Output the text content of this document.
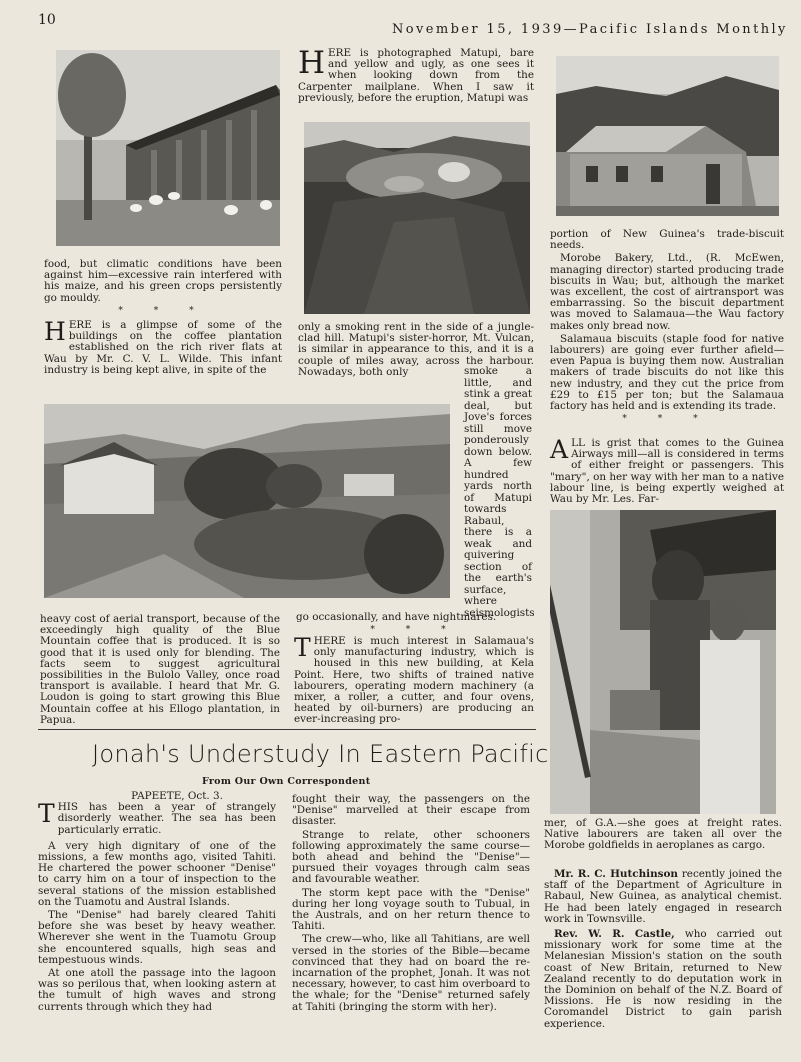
10
November 15, 1939—Pacific Islands Monthly

food, but climatic conditions have been against him—excessive rain interfered with his maize, and his green crops persistently go mouldy.

* * *
HERE is a glimpse of some of the buildings on the coffee plantation established on the rich river flats at Wau by Mr. C. V. L. Wilde. This infant industry is being kept alive, in spite of the

heavy cost of aerial transport, because of the exceedingly high quality of the Blue Mountain coffee that is produced. It is so good that it is used only for blending. The facts seem to suggest agricultural possibilities in the Bulolo Valley, once road transport is available. I heard that Mr. G. Loudon is going to start growing this Blue Mountain coffee at his Ellogo plantation, in Papua.

HERE is photographed Matupi, bare and yellow and ugly, as one sees it when looking down from the Carpenter mailplane. When I saw it previously, before the eruption, Matupi was

only a smoking rent in the side of a jungle-clad hill. Matupi's sister-horror, Mt. Vulcan, is similar in appearance to this, and it is a couple of miles away, across the harbour. Nowadays, both only	smoke a little, and stink a great deal, but Jove's forces still move ponderously down below. A few hundred yards north of Matupi towards Rabaul, there is a weak and quivering section of the earth's surface, where seismologists

go occasionally, and have nightmares.

* * *
THERE is much interest in Salamaua's only manufacturing industry, which is housed in this new building, at Kela Point. Here, two shifts of trained native labourers, operating modern machinery (a mixer, a roller, a cutter, and four ovens, heated by oil-burners) are producing an ever-increasing pro-

portion of New Guinea's trade-biscuit needs.

Morobe Bakery, Ltd., (R. McEwen, managing director) started producing trade biscuits in Wau; but, although the market was excellent, the cost of airtransport was embarrassing. So the biscuit department was moved to Salamaua—the Wau factory makes only bread now.

Salamaua biscuits (staple food for native labourers) are going ever further afield—even Papua is buying them now. Australian makers of trade biscuits do not like this new industry, and they cut the price from £29 to £15 per ton; but the Salamaua factory has held and is extending its trade.

* * *
ALL is grist that comes to the Guinea Airways mill—all is considered in terms of either freight or passengers. This "mary", on her way with her man to a native labour line, is being expertly weighed at Wau by Mr. Les. Far-

mer, of G.A.—she goes at freight rates. Native labourers are taken all over the Morobe goldfields in aeroplanes as cargo.

Mr. R. C. Hutchinson recently joined the staff of the Department of Agriculture in Rabaul, New Guinea, as analytical chemist. He had been lately engaged in research work in Townsville.

Rev. W. R. Castle, who carried out missionary work for some time at the Melanesian Mission's station on the south coast of New Britain, returned to New Zealand recently to do deputation work in the Dominion on behalf of the N.Z. Board of Missions. He is now residing in the Coromandel District to gain parish experience.

Jonah's Understudy In Eastern Pacific
From Our Own Correspondent
PAPEETE, Oct. 3.
T HIS has been a year of strangely disorderly weather. The sea has been particularly erratic.

A very high dignitary of one of the missions, a few months ago, visited Tahiti. He chartered the power schooner "Denise" to carry him on a tour of inspection to the several stations of the mission established on the Tuamotu and Austral Islands.

The "Denise" had barely cleared Tahiti before she was beset by heavy weather. Wherever she went in the Tuamotu Group she encountered squalls, high seas and tempestuous winds.

At one atoll the passage into the lagoon was so perilous that, when looking astern at the tumult of high waves and strong currents through which they had

fought their way, the passengers on the "Denise" marvelled at their escape from disaster.

Strange to relate, other schooners following approximately the same course—both ahead and behind the "Denise"—pursued their voyages through calm seas and favourable weather.

The storm kept pace with the "Denise" during her long voyage south to Tubual, in the Australs, and on her return thence to Tahiti.

The crew—who, like all Tahitians, are well versed in the stories of the Bible—became convinced that they had on board the re-incarnation of the prophet, Jonah. It was not necessary, however, to cast him overboard to the whale; for the "Denise" returned safely at Tahiti (bringing the storm with her).
